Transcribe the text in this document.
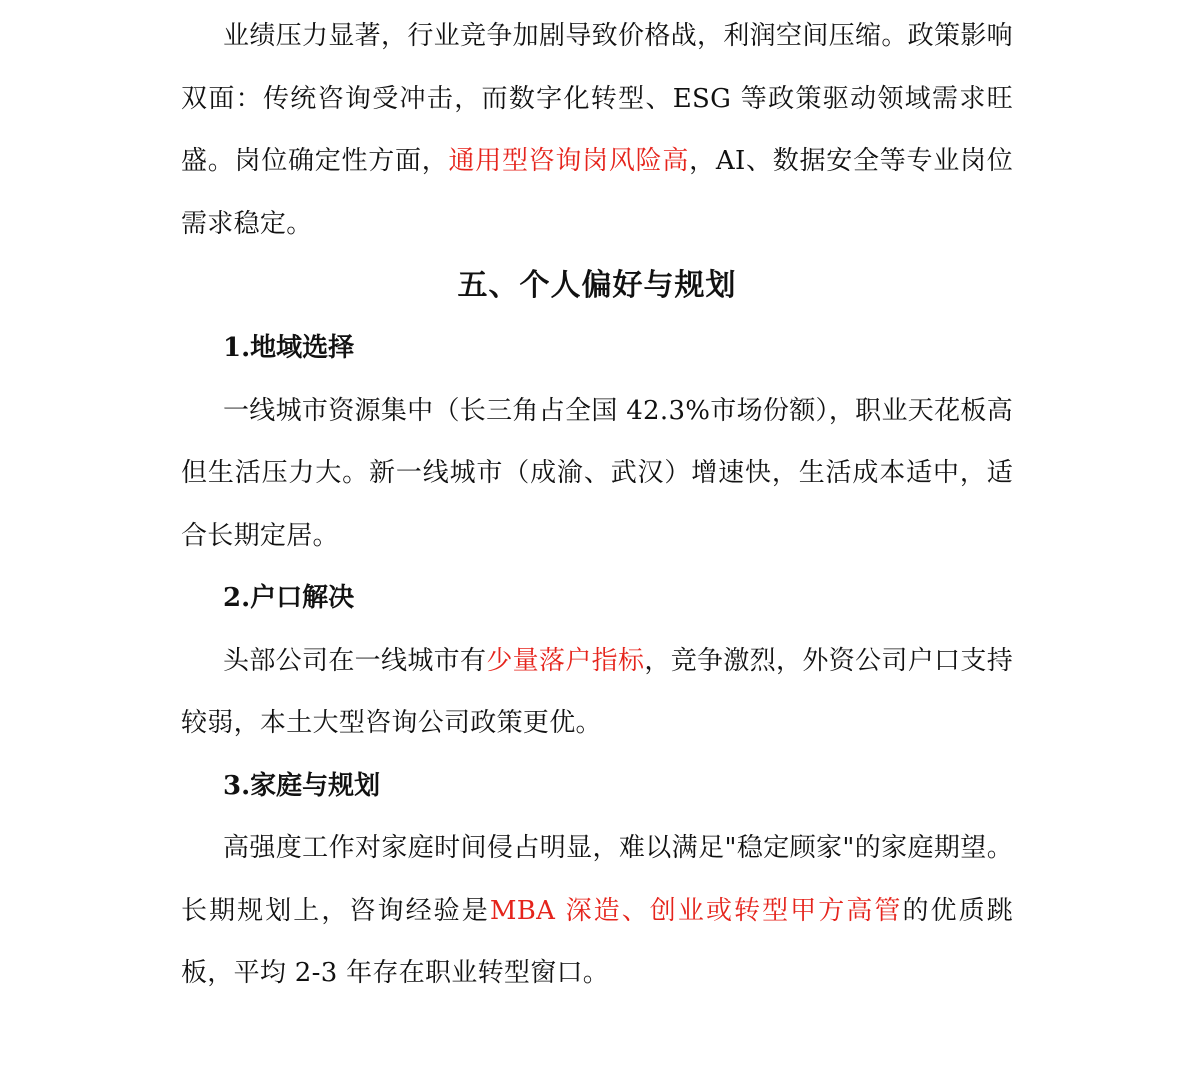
业绩压力显著，行业竞争加剧导致价格战，利润空间压缩。政策影响双面：传统咨询受冲击，而数字化转型、ESG 等政策驱动领域需求旺盛。岗位确定性方面，通用型咨询岗风险高，AI、数据安全等专业岗位需求稳定。

五、个人偏好与规划
1.地域选择

一线城市资源集中（长三角占全国 42.3%市场份额），职业天花板高但生活压力大。新一线城市（成渝、武汉）增速快，生活成本适中，适合长期定居。

2.户口解决

头部公司在一线城市有少量落户指标，竞争激烈，外资公司户口支持较弱，本土大型咨询公司政策更优。

3.家庭与规划

高强度工作对家庭时间侵占明显，难以满足"稳定顾家"的家庭期望。长期规划上，咨询经验是MBA 深造、创业或转型甲方高管的优质跳板，平均 2-3 年存在职业转型窗口。
